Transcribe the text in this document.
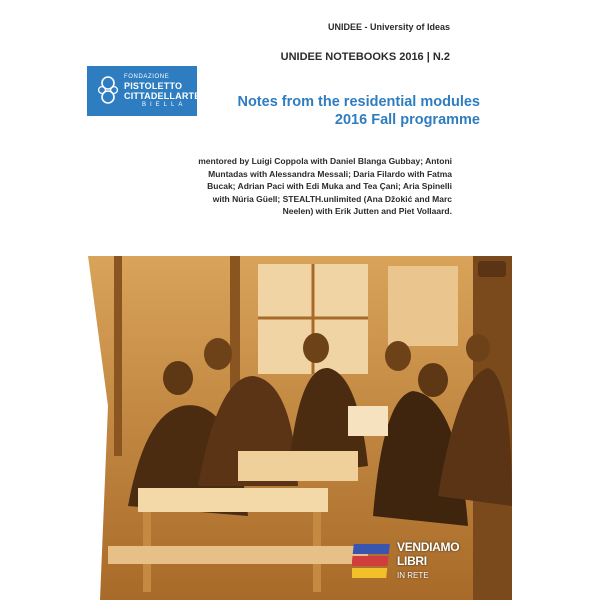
UNIDEE - University of Ideas
UNIDEE NOTEBOOKS 2016 | N.2
FONDAZIONE
PISTOLETTO
CITTADELLARTE
BIELLA	Notes from the residential modules
2016 Fall programme
mentored by Luigi Coppola with Daniel Blanga Gubbay; Antoni Muntadas with Alessandra Messali; Daria Filardo with Fatma Bucak; Adrian Paci with Edi Muka and Tea Çani; Aria Spinelli with Núria Güell; STEALTH.unlimited (Ana Džokić and Marc Neelen) with Erik Jutten and Piet Vollaard.
VENDIAMO
LIBRI
IN RETE
